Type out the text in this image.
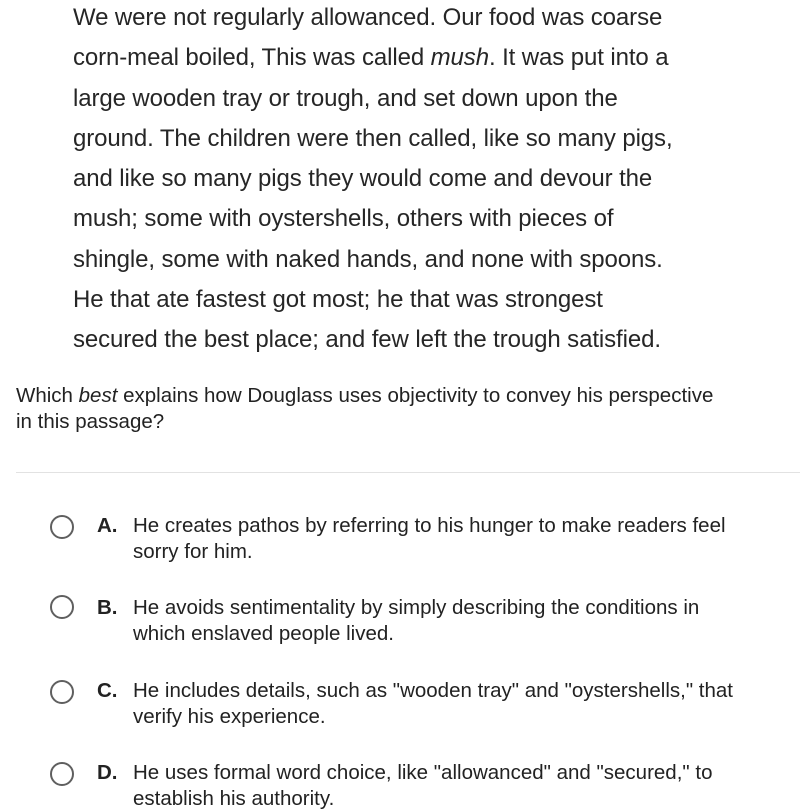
We were not regularly allowanced. Our food was coarse
corn-meal boiled, This was called mush. It was put into a
large wooden tray or trough, and set down upon the
ground. The children were then called, like so many pigs,
and like so many pigs they would come and devour the
mush; some with oystershells, others with pieces of
shingle, some with naked hands, and none with spoons.
He that ate fastest got most; he that was strongest
secured the best place; and few left the trough satisfied.
Which best explains how Douglass uses objectivity to convey his perspective
in this passage?
A. He creates pathos by referring to his hunger to make readers feel
sorry for him.
B. He avoids sentimentality by simply describing the conditions in
which enslaved people lived.
C. He includes details, such as "wooden tray" and "oystershells," that
verify his experience.
D. He uses formal word choice, like "allowanced" and "secured," to
establish his authority.
